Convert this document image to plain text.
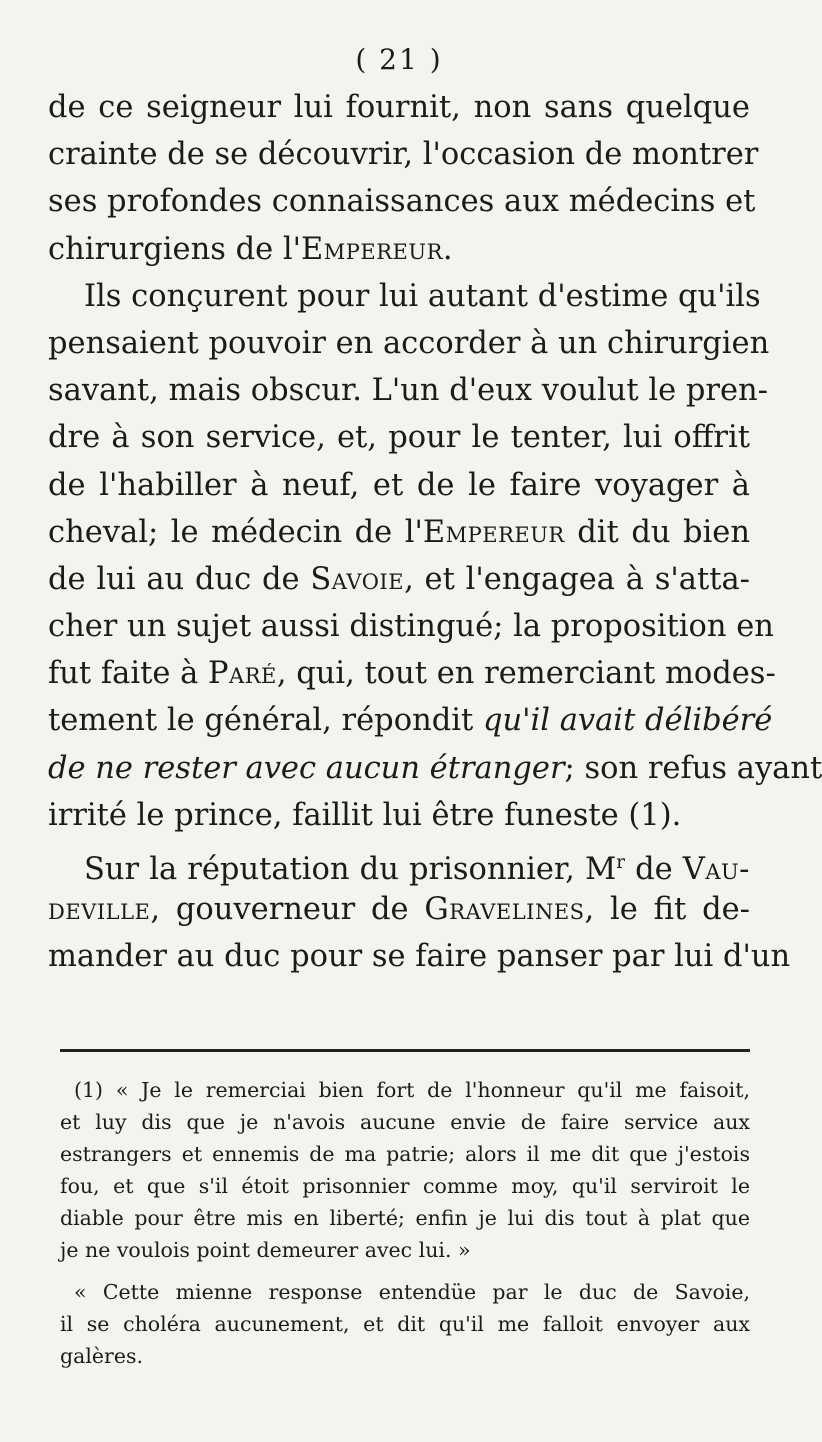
( 21 )
de ce seigneur lui fournit, non sans quelque
crainte de se découvrir, l'occasion de montrer
ses profondes connaissances aux médecins et
chirurgiens de l'Empereur.
Ils conçurent pour lui autant d'estime qu'ils
pensaient pouvoir en accorder à un chirurgien
savant, mais obscur. L'un d'eux voulut le pren-
dre à son service, et, pour le tenter, lui offrit
de l'habiller à neuf, et de le faire voyager à
cheval; le médecin de l'Empereur dit du bien
de lui au duc de Savoie, et l'engagea à s'atta-
cher un sujet aussi distingué; la proposition en
fut faite à Paré, qui, tout en remerciant modes-
tement le général, répondit qu'il avait délibéré
de ne rester avec aucun étranger; son refus ayant
irrité le prince, faillit lui être funeste (1).
Sur la réputation du prisonnier, $M^r$ de Vau-
deville, gouverneur de Gravelines, le fit de-
mander au duc pour se faire panser par lui d'un
(1) « Je le remerciai bien fort de l'honneur qu'il me faisoit,
et luy dis que je n'avois aucune envie de faire service aux
estrangers et ennemis de ma patrie; alors il me dit que j'estois
fou, et que s'il étoit prisonnier comme moy, qu'il serviroit le
diable pour être mis en liberté; enfin je lui dis tout à plat que
je ne voulois point demeurer avec lui. »
« Cette mienne response entendüe par le duc de Savoie,
il se choléra aucunement, et dit qu'il me falloit envoyer aux
galères.
